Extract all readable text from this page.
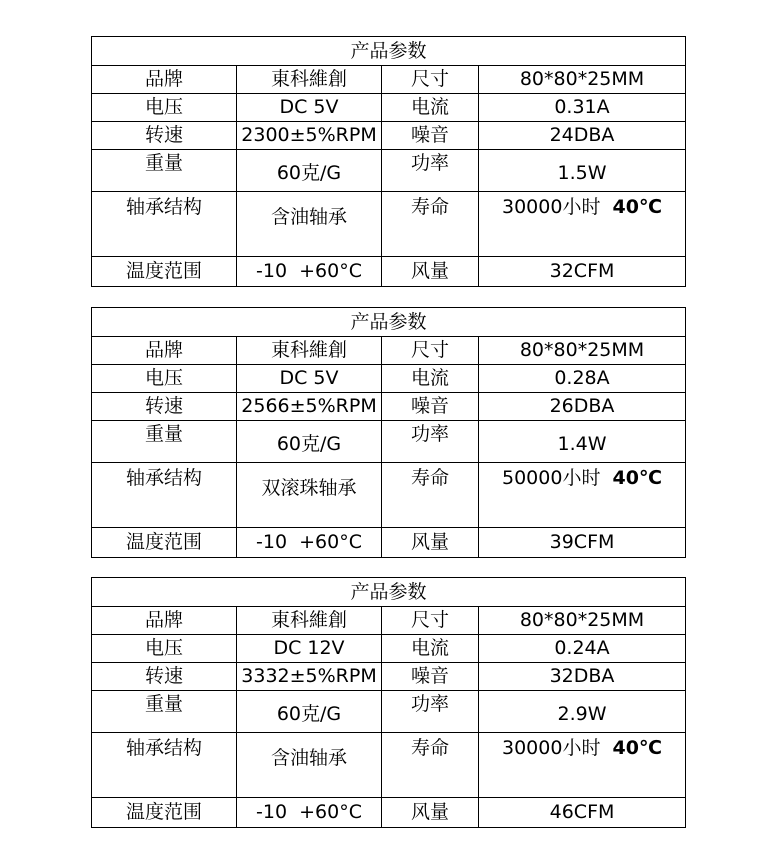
产品参数			
品牌	東科維創	尺寸	80*80*25MM
电压	DC 5V	电流	0.31A
转速	2300±5%RPM	噪音	24DBA
重量	60克/G	功率	1.5W
轴承结构	含油轴承	寿命	30000小时 40℃
温度范围	-10  +60°C	风量	32CFM
产品参数			
品牌	東科維創	尺寸	80*80*25MM
电压	DC 5V	电流	0.28A
转速	2566±5%RPM	噪音	26DBA
重量	60克/G	功率	1.4W
轴承结构	双滚珠轴承	寿命	50000小时 40℃
温度范围	-10  +60°C	风量	39CFM
产品参数			
品牌	東科維創	尺寸	80*80*25MM
电压	DC 12V	电流	0.24A
转速	3332±5%RPM	噪音	32DBA
重量	60克/G	功率	2.9W
轴承结构	含油轴承	寿命	30000小时 40℃
温度范围	-10  +60°C	风量	46CFM
